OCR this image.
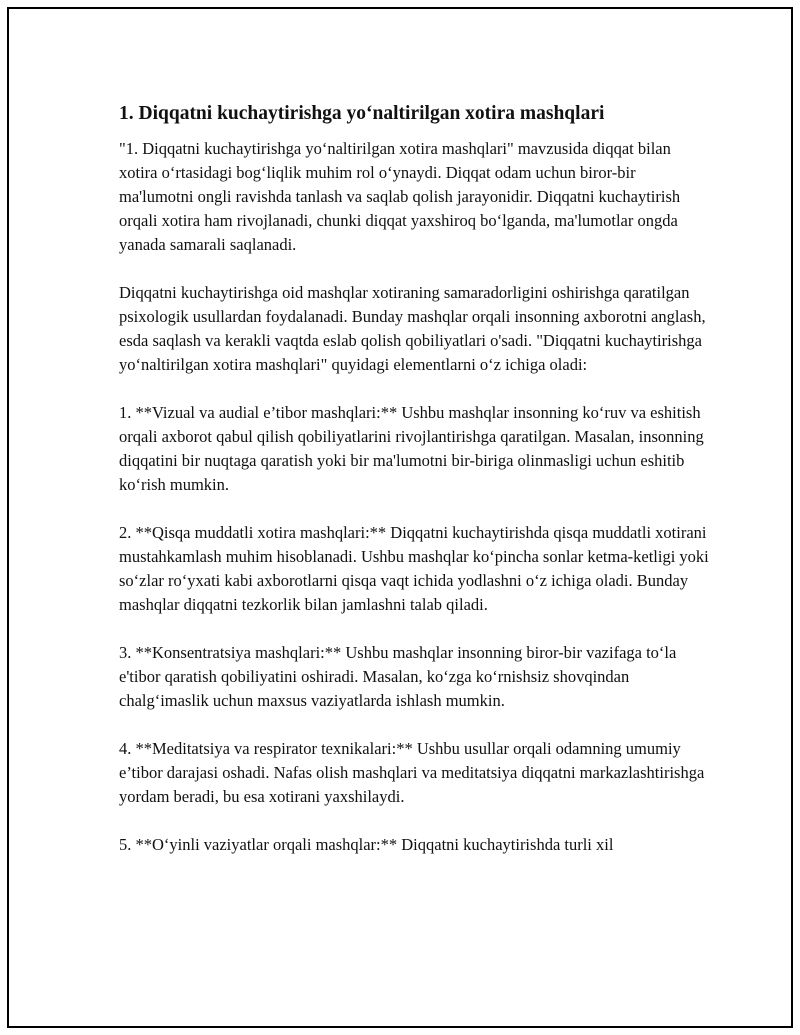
1. Diqqatni kuchaytirishga yo‘naltirilgan xotira mashqlari

"1. Diqqatni kuchaytirishga yo‘naltirilgan xotira mashqlari" mavzusida diqqat bilan xotira o‘rtasidagi bog‘liqlik muhim rol o‘ynaydi. Diqqat odam uchun biror-bir ma'lumotni ongli ravishda tanlash va saqlab qolish jarayonidir. Diqqatni kuchaytirish orqali xotira ham rivojlanadi, chunki diqqat yaxshiroq bo‘lganda, ma'lumotlar ongda yanada samarali saqlanadi.

Diqqatni kuchaytirishga oid mashqlar xotiraning samaradorligini oshirishga qaratilgan psixologik usullardan foydalanadi. Bunday mashqlar orqali insonning axborotni anglash, esda saqlash va kerakli vaqtda eslab qolish qobiliyatlari o'sadi. "Diqqatni kuchaytirishga yo‘naltirilgan xotira mashqlari" quyidagi elementlarni o‘z ichiga oladi:

1. **Vizual va audial e’tibor mashqlari:** Ushbu mashqlar insonning ko‘ruv va eshitish orqali axborot qabul qilish qobiliyatlarini rivojlantirishga qaratilgan. Masalan, insonning diqqatini bir nuqtaga qaratish yoki bir ma'lumotni bir-biriga olinmasligi uchun eshitib ko‘rish mumkin.

2. **Qisqa muddatli xotira mashqlari:** Diqqatni kuchaytirishda qisqa muddatli xotirani mustahkamlash muhim hisoblanadi. Ushbu mashqlar ko‘pincha sonlar ketma-ketligi yoki so‘zlar ro‘yxati kabi axborotlarni qisqa vaqt ichida yodlashni o‘z ichiga oladi. Bunday mashqlar diqqatni tezkorlik bilan jamlashni talab qiladi.

3. **Konsentratsiya mashqlari:** Ushbu mashqlar insonning biror-bir vazifaga to‘la e'tibor qaratish qobiliyatini oshiradi. Masalan, ko‘zga ko‘rnishsiz shovqindan chalg‘imaslik uchun maxsus vaziyatlarda ishlash mumkin.

4. **Meditatsiya va respirator texnikalari:** Ushbu usullar orqali odamning umumiy e’tibor darajasi oshadi. Nafas olish mashqlari va meditatsiya diqqatni markazlashtirishga yordam beradi, bu esa xotirani yaxshilaydi.

5. **O‘yinli vaziyatlar orqali mashqlar:** Diqqatni kuchaytirishda turli xil
